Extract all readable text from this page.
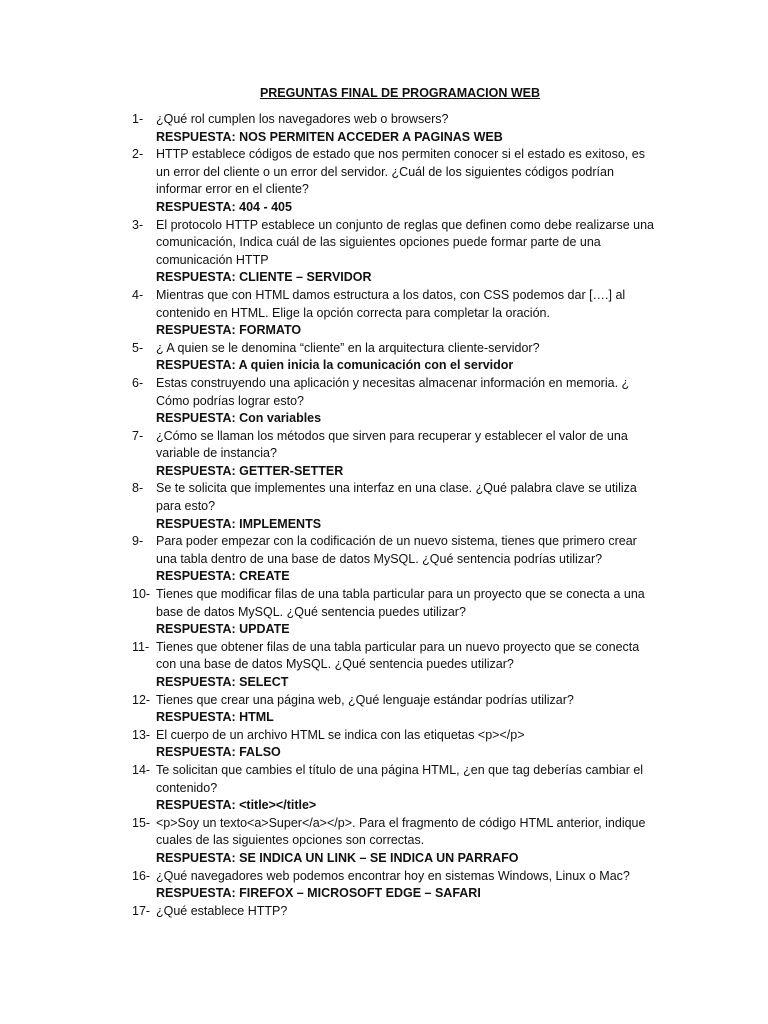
PREGUNTAS FINAL DE PROGRAMACION WEB
1-	¿Qué rol cumplen los navegadores web o browsers?
RESPUESTA: NOS PERMITEN ACCEDER A PAGINAS WEB
2-	HTTP establece códigos de estado que nos permiten conocer si el estado es exitoso, es un error del cliente o un error del servidor. ¿Cuál de los siguientes códigos podrían informar error en el cliente?
RESPUESTA: 404 - 405
3-	El protocolo HTTP establece un conjunto de reglas que definen como debe realizarse una comunicación, Indica cuál de las siguientes opciones puede formar parte de una comunicación HTTP
RESPUESTA: CLIENTE – SERVIDOR
4-	Mientras que con HTML damos estructura a los datos, con CSS podemos dar [….] al contenido en HTML. Elige la opción correcta para completar la oración.
RESPUESTA: FORMATO
5-	¿ A quien se le denomina “cliente” en la arquitectura cliente-servidor?
RESPUESTA: A quien inicia la comunicación con el servidor
6-	Estas construyendo una aplicación y necesitas almacenar información en memoria. ¿ Cómo podrías lograr esto?
RESPUESTA: Con variables
7-	¿Cómo se llaman los métodos que sirven para recuperar y establecer el valor de una variable de instancia?
RESPUESTA: GETTER-SETTER
8-	Se te solicita que implementes una interfaz en una clase. ¿Qué palabra clave se utiliza para esto?
RESPUESTA: IMPLEMENTS
9-	Para poder empezar con la codificación de un nuevo sistema, tienes que primero crear una tabla dentro de una base de datos MySQL. ¿Qué sentencia podrías utilizar?
RESPUESTA: CREATE
10- Tienes que modificar filas de una tabla particular para un proyecto que se conecta a una base de datos MySQL. ¿Qué sentencia puedes utilizar?
RESPUESTA: UPDATE
11- Tienes que obtener filas de una tabla particular para un nuevo proyecto que se conecta con una base de datos MySQL. ¿Qué sentencia puedes utilizar?
RESPUESTA: SELECT
12- Tienes que crear una página web, ¿Qué lenguaje estándar podrías utilizar?
RESPUESTA: HTML
13- El cuerpo de un archivo HTML se indica con las etiquetas <p></p>
RESPUESTA: FALSO
14- Te solicitan que cambies el título de una página HTML, ¿en que tag deberías cambiar el contenido?
RESPUESTA: <title></title>
15- <p>Soy un texto<a>Super</a></p>. Para el fragmento de código HTML anterior, indique cuales de las siguientes opciones son correctas.
RESPUESTA: SE INDICA UN LINK – SE INDICA UN PARRAFO
16- ¿Qué navegadores web podemos encontrar hoy en sistemas Windows, Linux o Mac?
RESPUESTA: FIREFOX – MICROSOFT EDGE – SAFARI
17- ¿Qué establece HTTP?
